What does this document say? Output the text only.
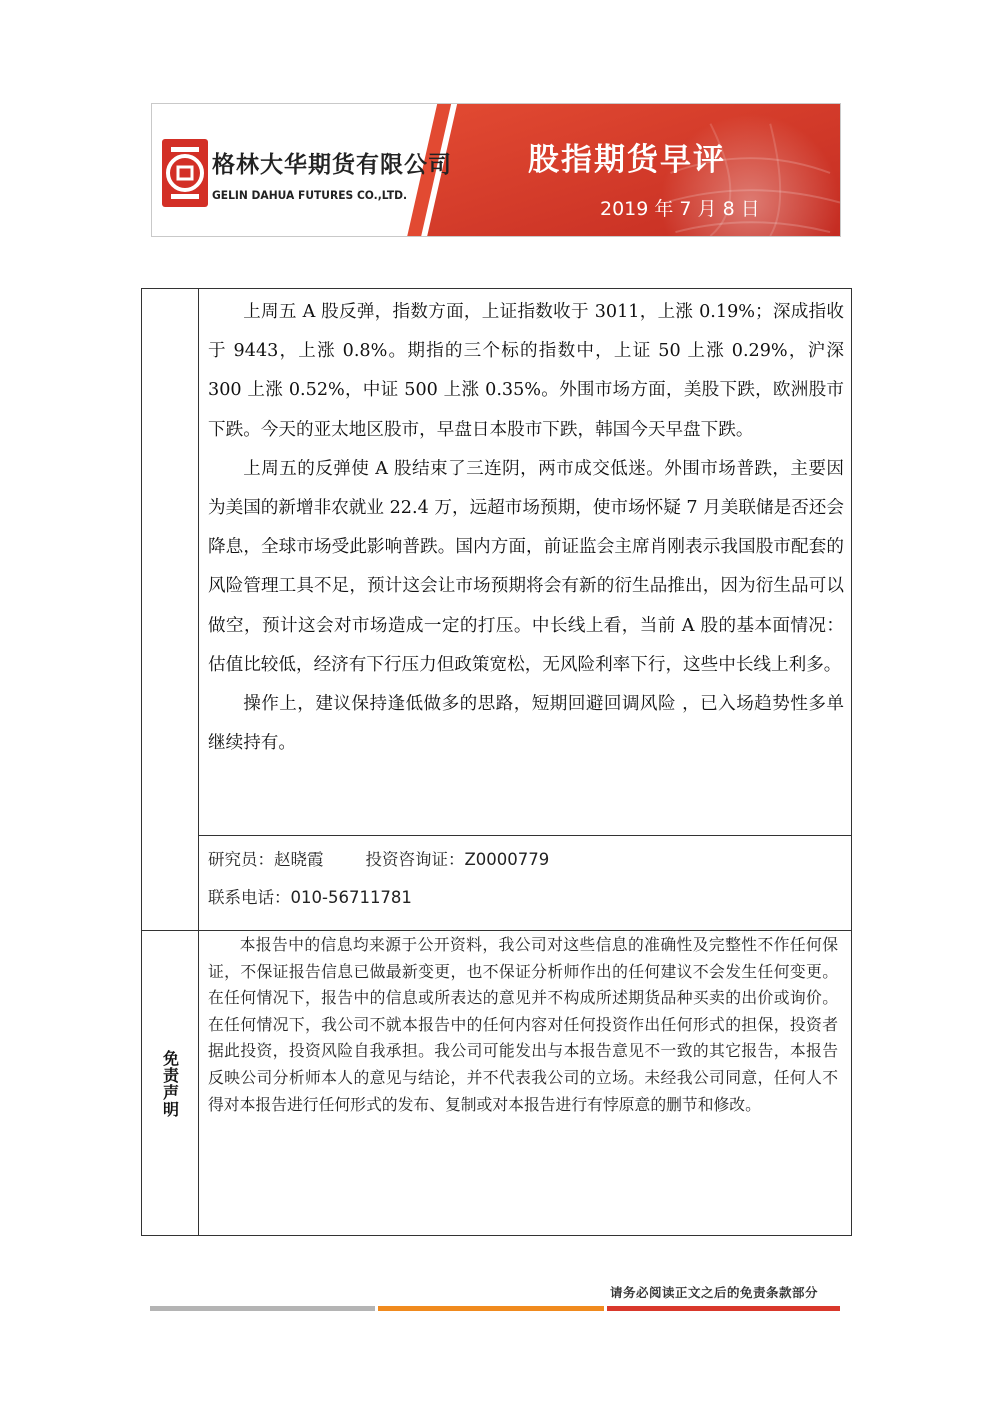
格林大华期货有限公司
GELIN DAHUA FUTURES CO.,LTD.
股指期货早评
2019 年 7 月 8 日

上周五 A 股反弹，指数方面，上证指数收于 3011，上涨 0.19%；深成指收于 9443，上涨 0.8%。期指的三个标的指数中，上证 50 上涨 0.29%，沪深 300 上涨 0.52%，中证 500 上涨 0.35%。外围市场方面，美股下跌，欧洲股市下跌。今天的亚太地区股市，早盘日本股市下跌，韩国今天早盘下跌。

上周五的反弹使 A 股结束了三连阴，两市成交低迷。外围市场普跌，主要因为美国的新增非农就业 22.4 万，远超市场预期，使市场怀疑 7 月美联储是否还会降息，全球市场受此影响普跌。国内方面，前证监会主席肖刚表示我国股市配套的风险管理工具不足，预计这会让市场预期将会有新的衍生品推出，因为衍生品可以做空，预计这会对市场造成一定的打压。中长线上看，当前 A 股的基本面情况：估值比较低，经济有下行压力但政策宽松，无风险利率下行，这些中长线上利多。

操作上，建议保持逢低做多的思路，短期回避回调风险 ，已入场趋势性多单继续持有。

研究员：赵晓霞	投资咨询证：Z0000779
联系电话：010-56711781
免责声明

本报告中的信息均来源于公开资料，我公司对这些信息的准确性及完整性不作任何保证，不保证报告信息已做最新变更，也不保证分析师作出的任何建议不会发生任何变更。在任何情况下，报告中的信息或所表达的意见并不构成所述期货品种买卖的出价或询价。在任何情况下，我公司不就本报告中的任何内容对任何投资作出任何形式的担保，投资者据此投资，投资风险自我承担。我公司可能发出与本报告意见不一致的其它报告，本报告反映公司分析师本人的意见与结论，并不代表我公司的立场。未经我公司同意，任何人不得对本报告进行任何形式的发布、复制或对本报告进行有悖原意的删节和修改。

请务必阅读正文之后的免责条款部分
